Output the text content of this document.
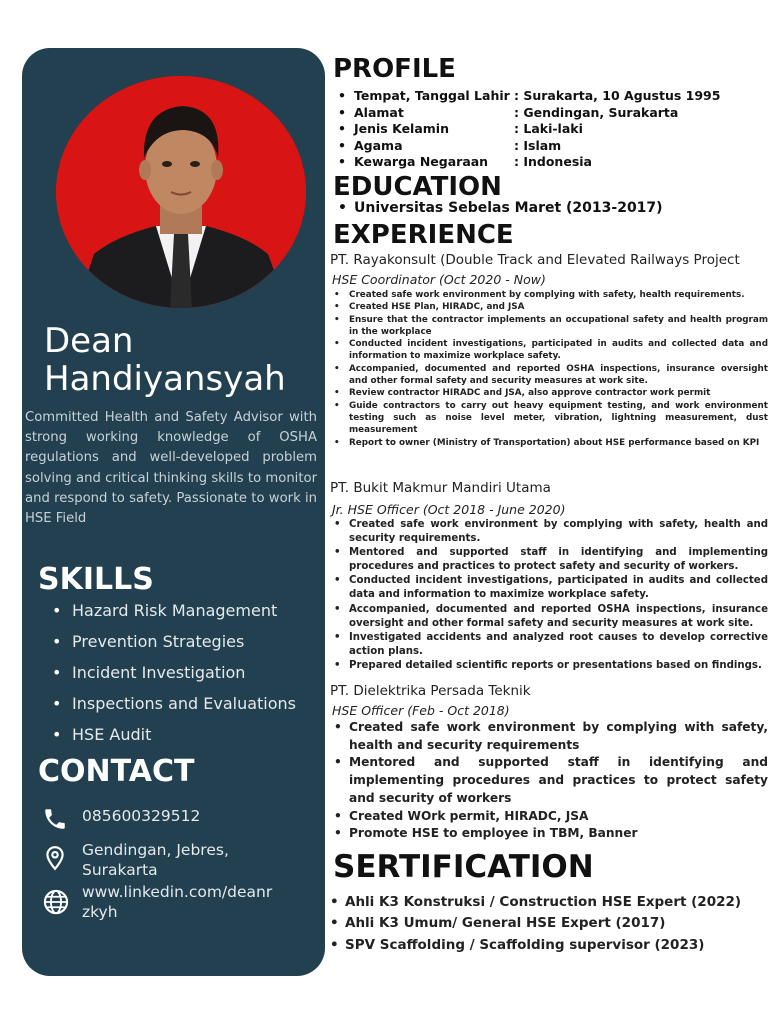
Dean
Handiyansyah
Committed Health and Safety Advisor with strong working knowledge of OSHA regulations and well-developed problem solving and critical thinking skills to monitor and respond to safety. Passionate to work in HSE Field
SKILLS
• Hazard Risk Management
• Prevention Strategies
• Incident Investigation
• Inspections and Evaluations
• HSE Audit
CONTACT
085600329512
Gendingan, Jebres,
Surakarta
www.linkedin.com/deanr
zkyh
PROFILE
• Tempat, Tanggal Lahir : Surakarta, 10 Agustus 1995
• Alamat	: Gendingan, Surakarta
• Jenis Kelamin	: Laki-laki
• Agama	: Islam
• Kewarga Negaraan : Indonesia
EDUCATION
• Universitas Sebelas Maret (2013-2017)
EXPERIENCE
PT. Rayakonsult (Double Track and Elevated Railways Project
HSE Coordinator (Oct 2020 - Now)
• Created safe work environment by complying with safety, health requirements.
• Created HSE Plan, HIRADC, and JSA
• Ensure that the contractor implements an occupational safety and health program in the workplace
• Conducted incident investigations, participated in audits and collected data and information to maximize workplace safety.
• Accompanied, documented and reported OSHA inspections, insurance oversight and other formal safety and security measures at work site.
• Review contractor HIRADC and JSA, also approve contractor work permit
• Guide contractors to carry out heavy equipment testing, and work environment testing such as noise level meter, vibration, lightning measurement, dust measurement
• Report to owner (Ministry of Transportation) about HSE performance based on KPI
PT. Bukit Makmur Mandiri Utama
Jr. HSE Officer (Oct 2018 - June 2020)
• Created safe work environment by complying with safety, health and security requirements.
• Mentored and supported staff in identifying and implementing procedures and practices to protect safety and security of workers.
• Conducted incident investigations, participated in audits and collected data and information to maximize workplace safety.
• Accompanied, documented and reported OSHA inspections, insurance oversight and other formal safety and security measures at work site.
• Investigated accidents and analyzed root causes to develop corrective action plans.
• Prepared detailed scientific reports or presentations based on findings.
PT. Dielektrika Persada Teknik
HSE Officer (Feb - Oct 2018)
• Created safe work environment by complying with safety, health and security requirements
• Mentored and supported staff in identifying and implementing procedures and practices to protect safety and security of workers
• Created WOrk permit, HIRADC, JSA
• Promote HSE to employee in TBM, Banner
SERTIFICATION
• Ahli K3 Konstruksi / Construction HSE Expert (2022)
• Ahli K3 Umum/ General HSE Expert (2017)
• SPV Scaffolding / Scaffolding supervisor (2023)
